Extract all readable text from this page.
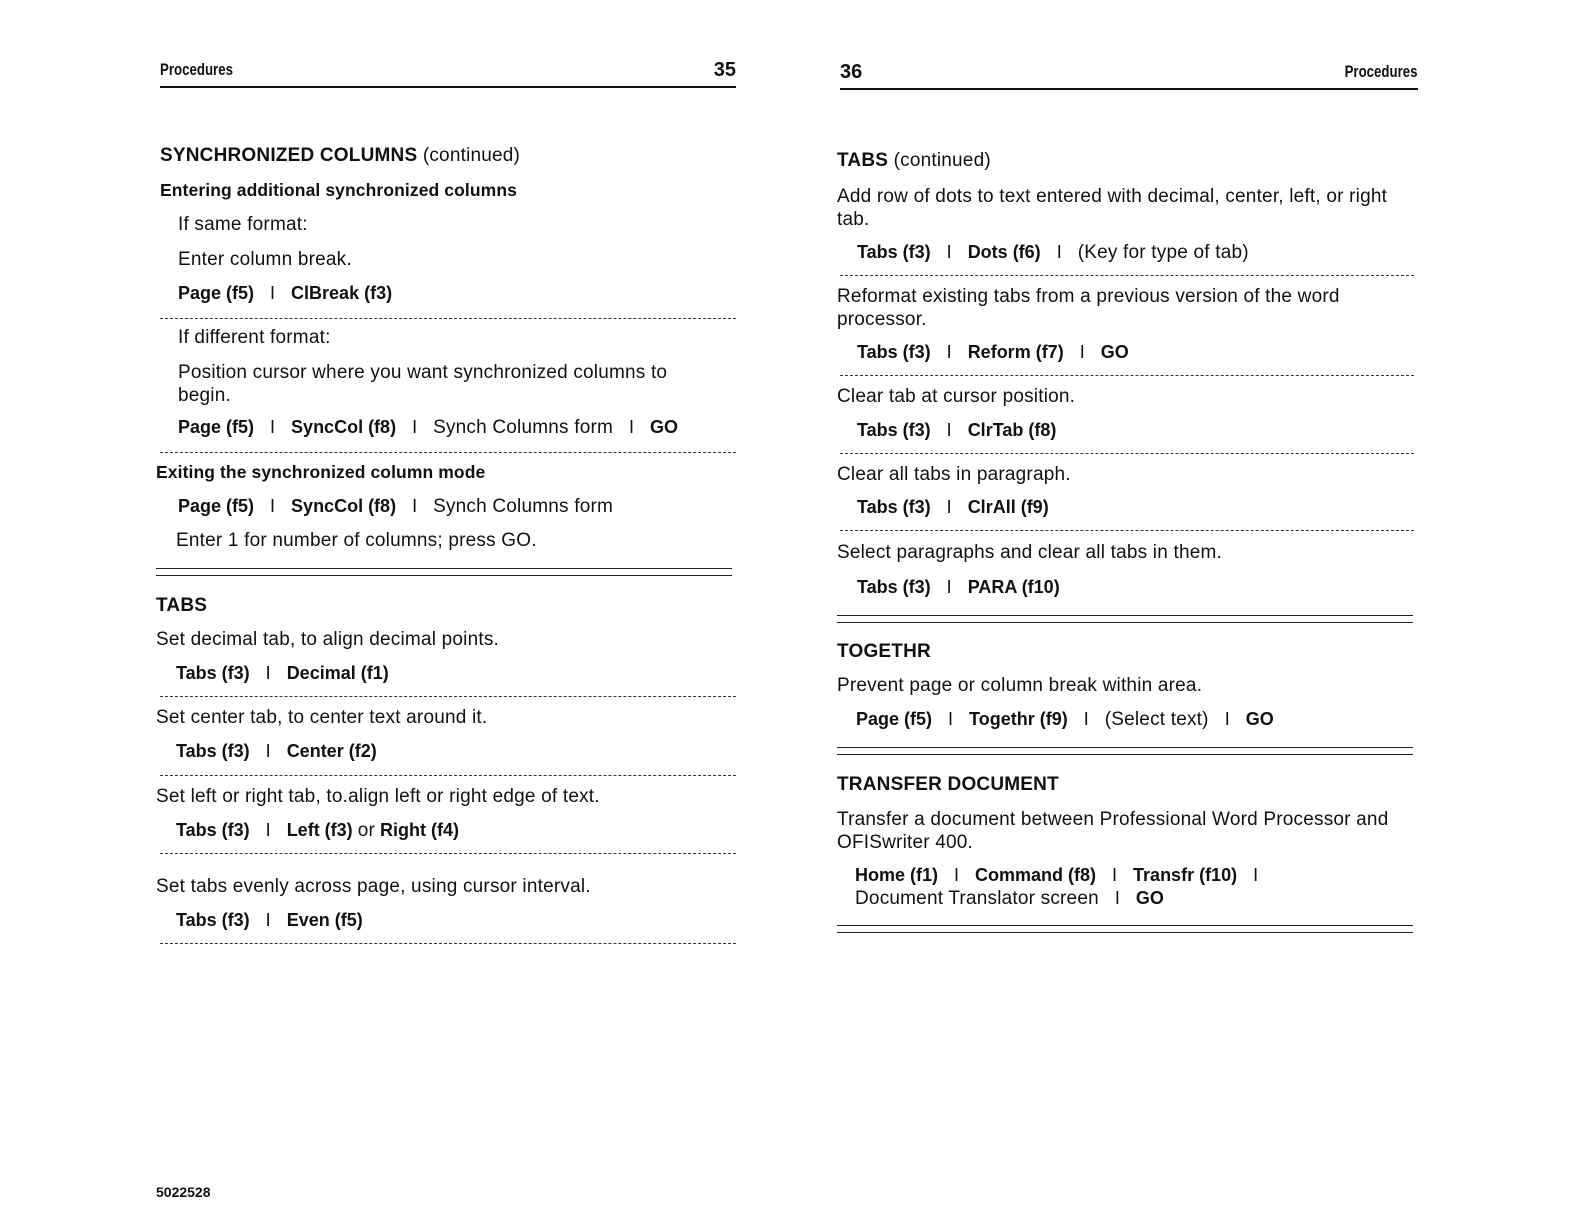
Procedures	35
SYNCHRONIZED COLUMNS (continued)
Entering additional synchronized columns
If same format:
Enter column break.
Page (f5) I ClBreak (f3)
If different format:
Position cursor where you want synchronized columns to begin.
Page (f5) I SyncCol (f8) I Synch Columns form I GO
Exiting the synchronized column mode
Page (f5) I SyncCol (f8) I Synch Columns form
Enter 1 for number of columns; press GO.
TABS
Set decimal tab, to align decimal points.
Tabs (f3) I Decimal (f1)
Set center tab, to center text around it.
Tabs (f3) I Center (f2)
Set left or right tab, to.align left or right edge of text.
Tabs (f3) I Left (f3) or Right (f4)
Set tabs evenly across page, using cursor interval.
Tabs (f3) I Even (f5)
5022528
36	Procedures
TABS (continued)
Add row of dots to text entered with decimal, center, left, or right tab.
Tabs (f3) I Dots (f6) I (Key for type of tab)
Reformat existing tabs from a previous version of the word processor.
Tabs (f3) I Reform (f7) I GO
Clear tab at cursor position.
Tabs (f3) I ClrTab (f8)
Clear all tabs in paragraph.
Tabs (f3) I ClrAll (f9)
Select paragraphs and clear all tabs in them.
Tabs (f3) I PARA (f10)
TOGETHR
Prevent page or column break within area.
Page (f5) I Togethr (f9) I (Select text) I GO
TRANSFER DOCUMENT
Transfer a document between Professional Word Processor and OFISwriter 400.
Home (f1) I Command (f8) I Transfr (f10) I
Document Translator screen I GO
